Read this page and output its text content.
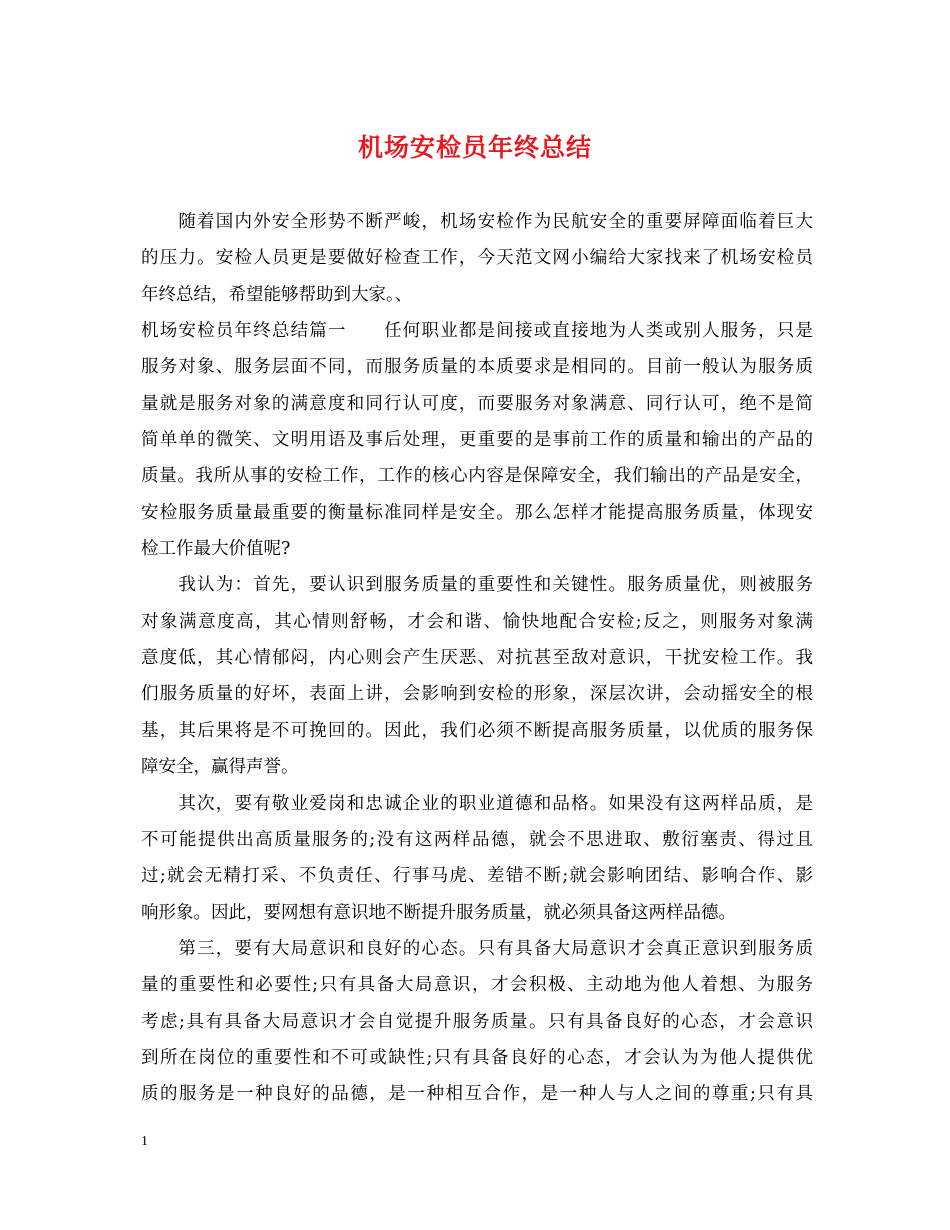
机场安检员年终总结
　　随着国内外安全形势不断严峻，机场安检作为民航安全的重要屏障面临着巨大
的压力。安检人员更是要做好检查工作，今天范文网小编给大家找来了机场安检员
年终总结，希望能够帮助到大家。、
机场安检员年终总结篇一　　任何职业都是间接或直接地为人类或别人服务，只是
服务对象、服务层面不同，而服务质量的本质要求是相同的。目前一般认为服务质
量就是服务对象的满意度和同行认可度，而要服务对象满意、同行认可，绝不是简
简单单的微笑、文明用语及事后处理，更重要的是事前工作的质量和输出的产品的
质量。我所从事的安检工作，工作的核心内容是保障安全，我们输出的产品是安全，
安检服务质量最重要的衡量标准同样是安全。那么怎样才能提高服务质量，体现安
检工作最大价值呢?
　　我认为：首先，要认识到服务质量的重要性和关键性。服务质量优，则被服务
对象满意度高，其心情则舒畅，才会和谐、愉快地配合安检;反之，则服务对象满
意度低，其心情郁闷，内心则会产生厌恶、对抗甚至敌对意识，干扰安检工作。我
们服务质量的好坏，表面上讲，会影响到安检的形象，深层次讲，会动摇安全的根
基，其后果将是不可挽回的。因此，我们必须不断提高服务质量，以优质的服务保
障安全，赢得声誉。
　　其次，要有敬业爱岗和忠诚企业的职业道德和品格。如果没有这两样品质，是
不可能提供出高质量服务的;没有这两样品德，就会不思进取、敷衍塞责、得过且
过;就会无精打采、不负责任、行事马虎、差错不断;就会影响团结、影响合作、影
响形象。因此，要网想有意识地不断提升服务质量，就必须具备这两样品德。
　　第三，要有大局意识和良好的心态。只有具备大局意识才会真正意识到服务质
量的重要性和必要性;只有具备大局意识，才会积极、主动地为他人着想、为服务
考虑;具有具备大局意识才会自觉提升服务质量。只有具备良好的心态，才会意识
到所在岗位的重要性和不可或缺性;只有具备良好的心态，才会认为为他人提供优
质的服务是一种良好的品德，是一种相互合作，是一种人与人之间的尊重;只有具
1
